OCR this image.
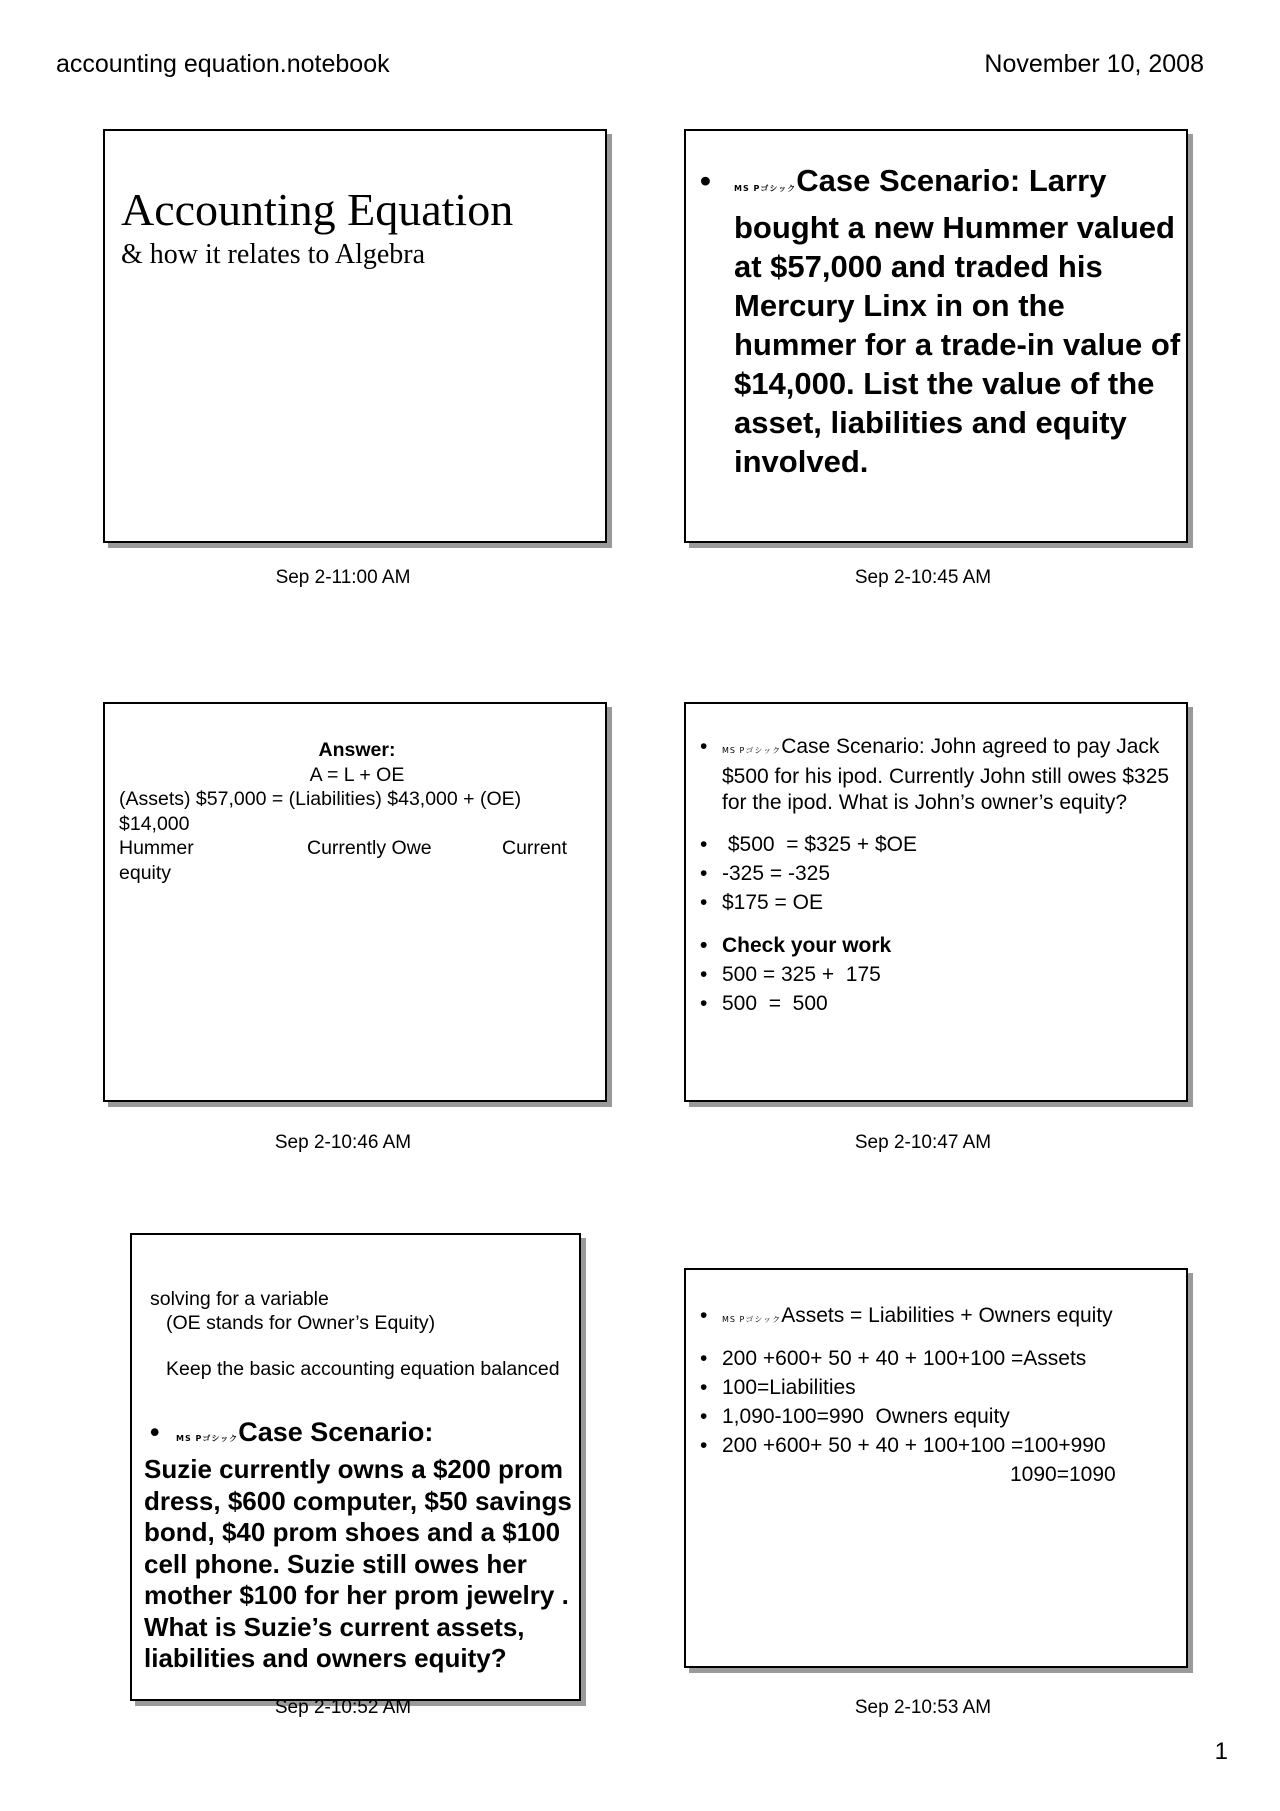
accounting equation.notebook	November 10, 2008
Accounting Equation
& how it relates to Algebra
Sep 2-11:00 AM
•	MS PゴシックCase Scenario: Larry bought a new Hummer valued at $57,000 and traded his Mercury Linx in on the hummer for a trade-in value of $14,000. List the value of the asset, liabilities and equity involved.
Sep 2-10:45 AM
Answer:
A = L + OE
(Assets) $57,000 = (Liabilities) $43,000 + (OE)
$14,000
Hummer	Currently Owe	Current
equity
Sep 2-10:46 AM
•	MS PゴシックCase Scenario: John agreed to pay Jack $500 for his ipod. Currently John still owes $325 for the ipod. What is John’s owner’s equity?
• $500  = $325 + $OE
• -325 = -325
• $175 = OE
• Check your work
• 500 = 325 +  175
• 500  =  500
Sep 2-10:47 AM
solving for a variable
(OE stands for Owner’s Equity)
Keep the basic accounting equation balanced
•	MS PゴシックCase Scenario:
Suzie currently owns a $200 prom
dress, $600 computer, $50 savings
bond, $40 prom shoes and a $100
cell phone. Suzie still owes her
mother $100 for her prom jewelry .
What is Suzie’s current assets,
liabilities and owners equity?
Sep 2-10:52 AM
•	MS PゴシックAssets = Liabilities + Owners equity
• 200 +600+ 50 + 40 + 100+100 =Assets
• 100=Liabilities
• 1,090-100=990  Owners equity
• 200 +600+ 50 + 40 + 100+100 =100+990
1090=1090
Sep 2-10:53 AM
1
